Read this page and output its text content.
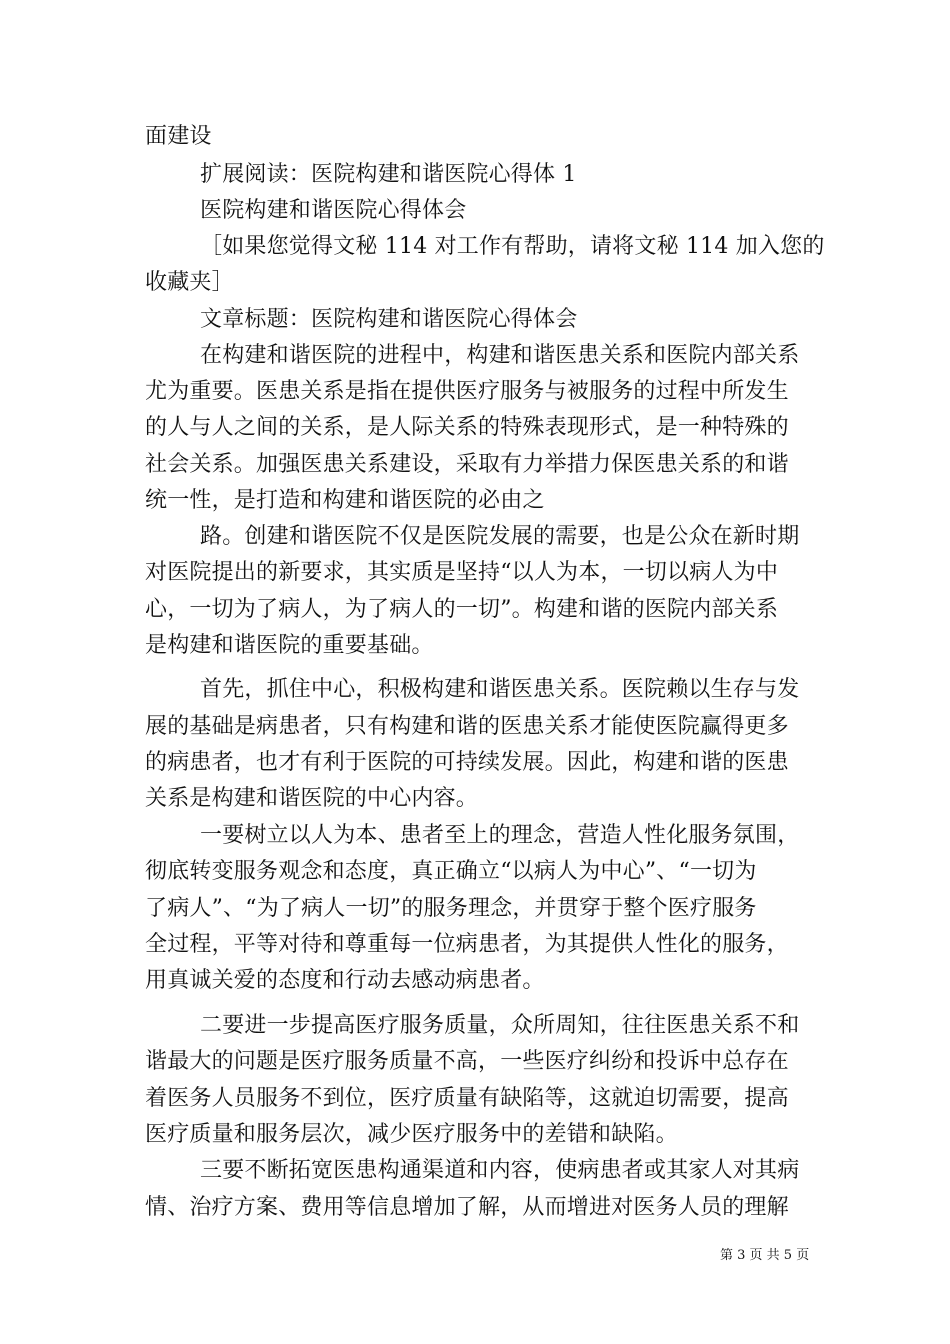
面建设
扩展阅读：医院构建和谐医院心得体 1
医院构建和谐医院心得体会
［如果您觉得文秘 114 对工作有帮助，请将文秘 114 加入您的
收藏夹］
文章标题：医院构建和谐医院心得体会
在构建和谐医院的进程中，构建和谐医患关系和医院内部关系
尤为重要。医患关系是指在提供医疗服务与被服务的过程中所发生
的人与人之间的关系，是人际关系的特殊表现形式，是一种特殊的
社会关系。加强医患关系建设，采取有力举措力保医患关系的和谐
统一性，是打造和构建和谐医院的必由之
路。创建和谐医院不仅是医院发展的需要，也是公众在新时期
对医院提出的新要求，其实质是坚持“以人为本，一切以病人为中
心，一切为了病人，为了病人的一切”。构建和谐的医院内部关系
是构建和谐医院的重要基础。
首先，抓住中心，积极构建和谐医患关系。医院赖以生存与发
展的基础是病患者，只有构建和谐的医患关系才能使医院赢得更多
的病患者，也才有利于医院的可持续发展。因此，构建和谐的医患
关系是构建和谐医院的中心内容。
一要树立以人为本、患者至上的理念，营造人性化服务氛围，
彻底转变服务观念和态度，真正确立“以病人为中心”、“一切为
了病人”、“为了病人一切”的服务理念，并贯穿于整个医疗服务
全过程，平等对待和尊重每一位病患者，为其提供人性化的服务，
用真诚关爱的态度和行动去感动病患者。
二要进一步提高医疗服务质量，众所周知，往往医患关系不和
谐最大的问题是医疗服务质量不高，一些医疗纠纷和投诉中总存在
着医务人员服务不到位，医疗质量有缺陷等，这就迫切需要，提高
医疗质量和服务层次，减少医疗服务中的差错和缺陷。
三要不断拓宽医患构通渠道和内容，使病患者或其家人对其病
情、治疗方案、费用等信息增加了解，从而增进对医务人员的理解
第 3 页 共 5 页
